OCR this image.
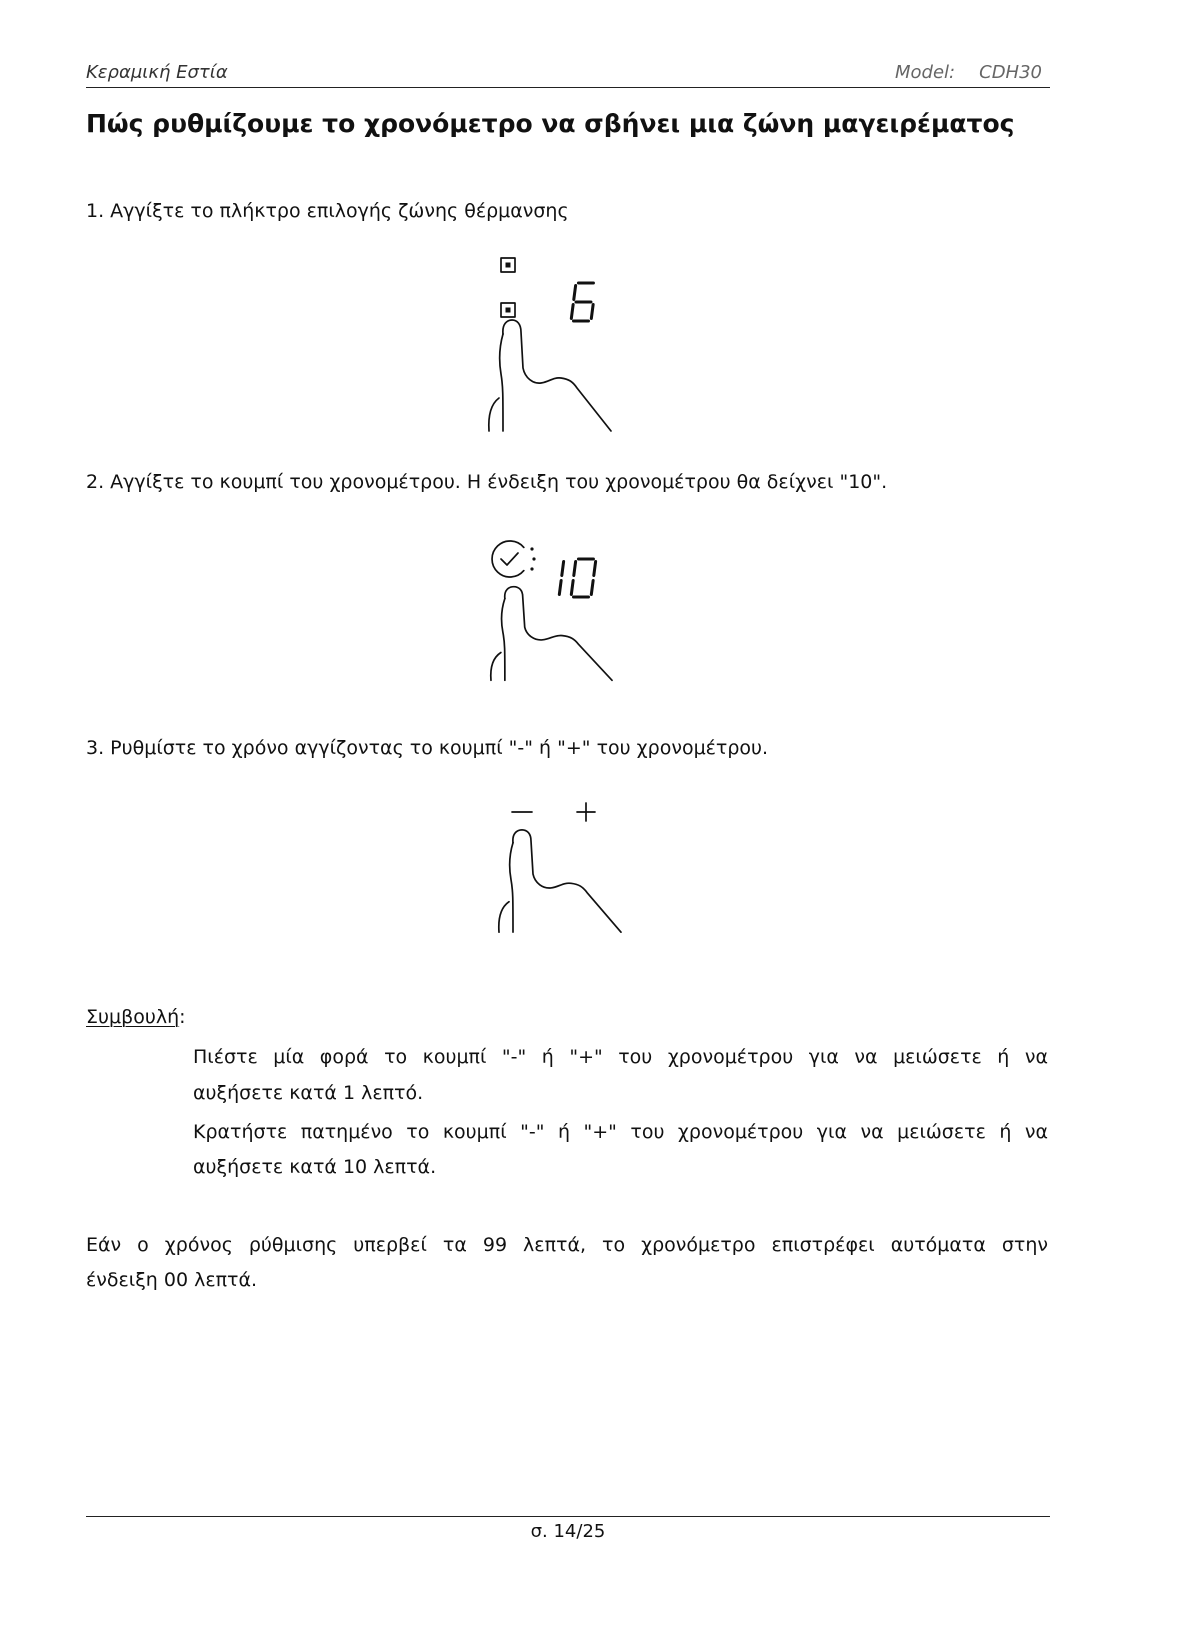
Κεραμική Εστία	Model: CDH30
Πώς ρυθμίζουμε το χρονόμετρο να σβήνει μια ζώνη μαγειρέματος
1. Αγγίξτε το πλήκτρο επιλογής ζώνης θέρμανσης
2. Αγγίξτε το κουμπί του χρονομέτρου. Η ένδειξη του χρονομέτρου θα δείχνει "10".
3. Ρυθμίστε το χρόνο αγγίζοντας το κουμπί "-" ή "+" του χρονομέτρου.
Συμβουλή:
Πιέστε μία φορά το κουμπί "-" ή "+" του χρονομέτρου για να μειώσετε ή να
αυξήσετε κατά 1 λεπτό.
Κρατήστε πατημένο το κουμπί "-" ή "+" του χρονομέτρου για να μειώσετε ή να
αυξήσετε κατά 10 λεπτά.
Εάν ο χρόνος ρύθμισης υπερβεί τα 99 λεπτά, το χρονόμετρο επιστρέφει αυτόματα στην
ένδειξη 00 λεπτά.
σ. 14/25
